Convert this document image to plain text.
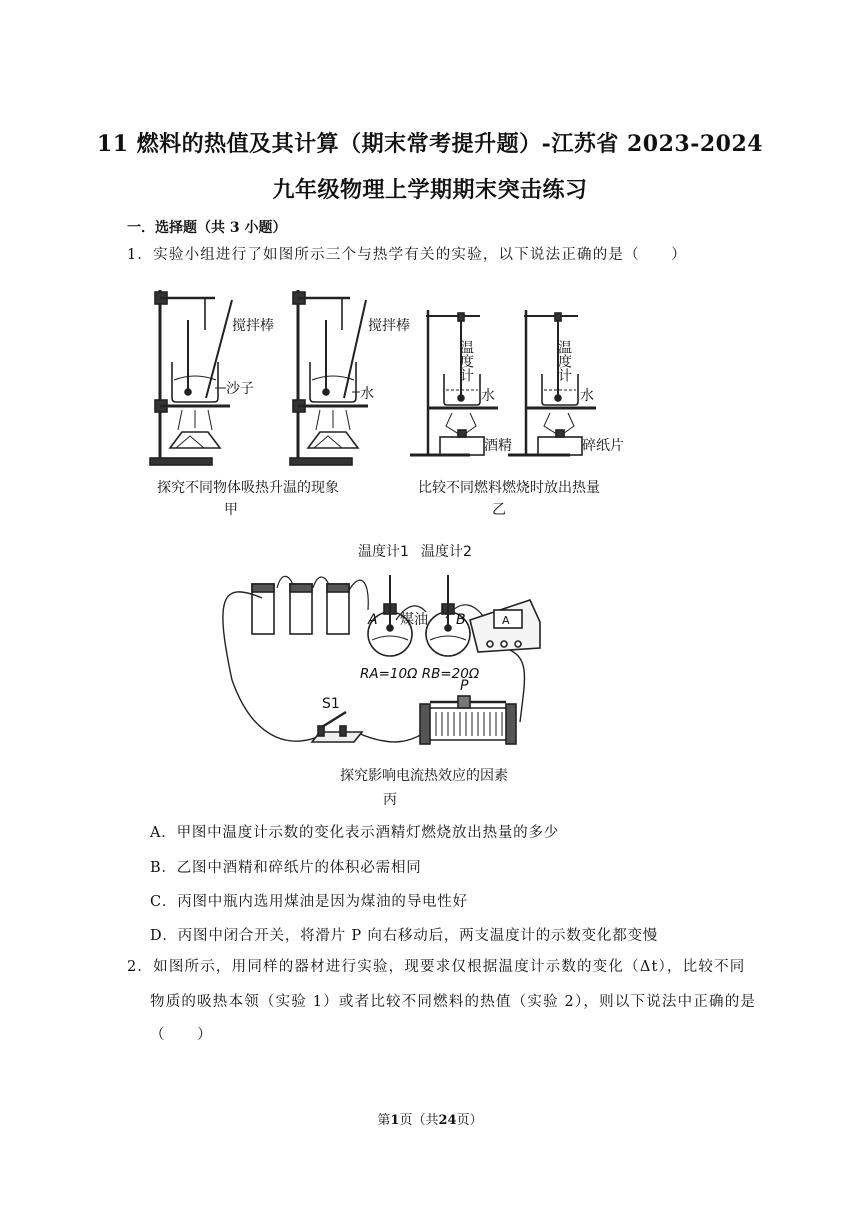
11 燃料的热值及其计算（期末常考提升题）-江苏省 2023-2024
九年级物理上学期期末突击练习
一．选择题（共 3 小题）
1．实验小组进行了如图所示三个与热学有关的实验，以下说法正确的是（　　）
搅拌棒
沙子
搅拌棒
水
探究不同物体吸热升温的现象
甲
温度计
水
酒精
温度计
水
碎纸片
比较不同燃料燃烧时放出热量
乙
温度计1 温度计2
A 煤油 B
RA=10Ω RB=20Ω
S1
P
A
探究影响电流热效应的因素
丙
A．甲图中温度计示数的变化表示酒精灯燃烧放出热量的多少
B．乙图中酒精和碎纸片的体积必需相同
C．丙图中瓶内选用煤油是因为煤油的导电性好
D．丙图中闭合开关，将滑片 P 向右移动后，两支温度计的示数变化都变慢
2．如图所示，用同样的器材进行实验，现要求仅根据温度计示数的变化（Δt），比较不同
物质的吸热本领（实验 1）或者比较不同燃料的热值（实验 2），则以下说法中正确的是
（　　）
第1页（共24页）
